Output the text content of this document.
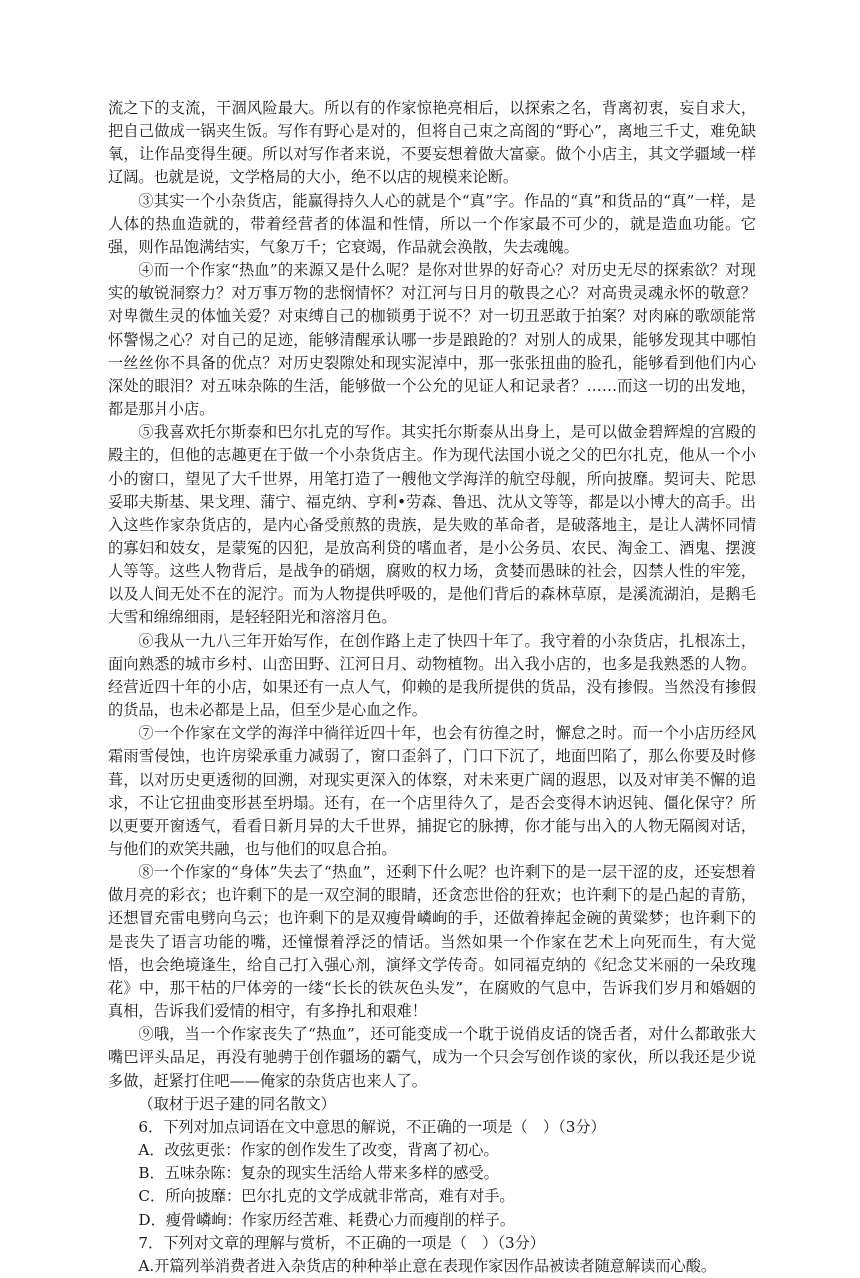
流之下的支流，干涸风险最大。所以有的作家惊艳亮相后，以探索之名，背离初衷，妄自求大，把自己做成一锅夹生饭。写作有野心是对的，但将自己束之高阁的“野心”，离地三千丈，难免缺氧，让作品变得生硬。所以对写作者来说，不要妄想着做大富豪。做个小店主，其文学疆域一样辽阔。也就是说，文学格局的大小，绝不以店的规模来论断。

③其实一个小杂货店，能赢得持久人心的就是个“真”字。作品的“真”和货品的“真”一样，是人体的热血造就的，带着经营者的体温和性情，所以一个作家最不可少的，就是造血功能。它强，则作品饱满结实，气象万千；它衰竭，作品就会涣散，失去魂魄。

④而一个作家“热血”的来源又是什么呢？是你对世界的好奇心？对历史无尽的探索欲？对现实的敏锐洞察力？对万事万物的悲悯情怀？对江河与日月的敬畏之心？对高贵灵魂永怀的敬意？对卑微生灵的体恤关爱？对束缚自己的枷锁勇于说不？对一切丑恶敢于拍案？对肉麻的歌颂能常怀警惕之心？对自己的足迹，能够清醒承认哪一步是踉跄的？对别人的成果，能够发现其中哪怕一丝丝你不具备的优点？对历史裂隙处和现实泥淖中，那一张张扭曲的脸孔，能够看到他们内心深处的眼泪？对五味杂陈的生活，能够做一个公允的见证人和记录者？……而这一切的出发地，都是那爿小店。

⑤我喜欢托尔斯泰和巴尔扎克的写作。其实托尔斯泰从出身上，是可以做金碧辉煌的宫殿的殿主的，但他的志趣更在于做一个小杂货店主。作为现代法国小说之父的巴尔扎克，他从一个小小的窗口，望见了大千世界，用笔打造了一艘他文学海洋的航空母舰，所向披靡。契诃夫、陀思妥耶夫斯基、果戈理、蒲宁、福克纳、亨利•劳森、鲁迅、沈从文等等，都是以小博大的高手。出入这些作家杂货店的，是内心备受煎熬的贵族，是失败的革命者，是破落地主，是让人满怀同情的寡妇和妓女，是蒙冤的囚犯，是放高利贷的嗜血者，是小公务员、农民、淘金工、酒鬼、摆渡人等等。这些人物背后，是战争的硝烟，腐败的权力场，贪婪而愚昧的社会，囚禁人性的牢笼，以及人间无处不在的泥泞。而为人物提供呼吸的，是他们背后的森林草原，是溪流湖泊，是鹅毛大雪和绵绵细雨，是轻轻阳光和溶溶月色。

⑥我从一九八三年开始写作，在创作路上走了快四十年了。我守着的小杂货店，扎根冻土，面向熟悉的城市乡村、山峦田野、江河日月、动物植物。出入我小店的，也多是我熟悉的人物。经营近四十年的小店，如果还有一点人气，仰赖的是我所提供的货品，没有掺假。当然没有掺假的货品，也未必都是上品，但至少是心血之作。

⑦一个作家在文学的海洋中徜徉近四十年，也会有彷徨之时，懈怠之时。而一个小店历经风霜雨雪侵蚀，也许房梁承重力减弱了，窗口歪斜了，门口下沉了，地面凹陷了，那么你要及时修葺，以对历史更透彻的回溯，对现实更深入的体察，对未来更广阔的遐思，以及对审美不懈的追求，不让它扭曲变形甚至坍塌。还有，在一个店里待久了，是否会变得木讷迟钝、僵化保守？所以更要开窗透气，看看日新月异的大千世界，捕捉它的脉搏，你才能与出入的人物无隔阂对话，与他们的欢笑共融，也与他们的叹息合拍。

⑧一个作家的“身体”失去了“热血”，还剩下什么呢？也许剩下的是一层干涩的皮，还妄想着做月亮的彩衣；也许剩下的是一双空洞的眼睛，还贪恋世俗的狂欢；也许剩下的是凸起的青筋，还想冒充雷电劈向乌云；也许剩下的是双瘦骨嶙峋的手，还做着捧起金碗的黄粱梦；也许剩下的是丧失了语言功能的嘴，还憧憬着浮泛的情话。当然如果一个作家在艺术上向死而生，有大觉悟，也会绝境逢生，给自己打入强心剂，演绎文学传奇。如同福克纳的《纪念艾米丽的一朵玫瑰花》中，那干枯的尸体旁的一缕“长长的铁灰色头发”，在腐败的气息中，告诉我们岁月和婚姻的真相，告诉我们爱情的相守，有多挣扎和艰难！

⑨哦，当一个作家丧失了“热血”，还可能变成一个耽于说俏皮话的饶舌者，对什么都敢张大嘴巴评头品足，再没有驰骋于创作疆场的霸气，成为一个只会写创作谈的家伙，所以我还是少说多做，赶紧打住吧——俺家的杂货店也来人了。

（取材于迟子建的同名散文）

6．下列对加点词语在文中意思的解说，不正确的一项是（　）（3分）

A．改弦更张：作家的创作发生了改变，背离了初心。

B．五味杂陈：复杂的现实生活给人带来多样的感受。

C．所向披靡：巴尔扎克的文学成就非常高，难有对手。

D．瘦骨嶙峋：作家历经苦难、耗费心力而瘦削的样子。

7．下列对文章的理解与赏析，不正确的一项是（　）（3分）

A.开篇列举消费者进入杂货店的种种举止意在表现作家因作品被读者随意解读而心酸。
